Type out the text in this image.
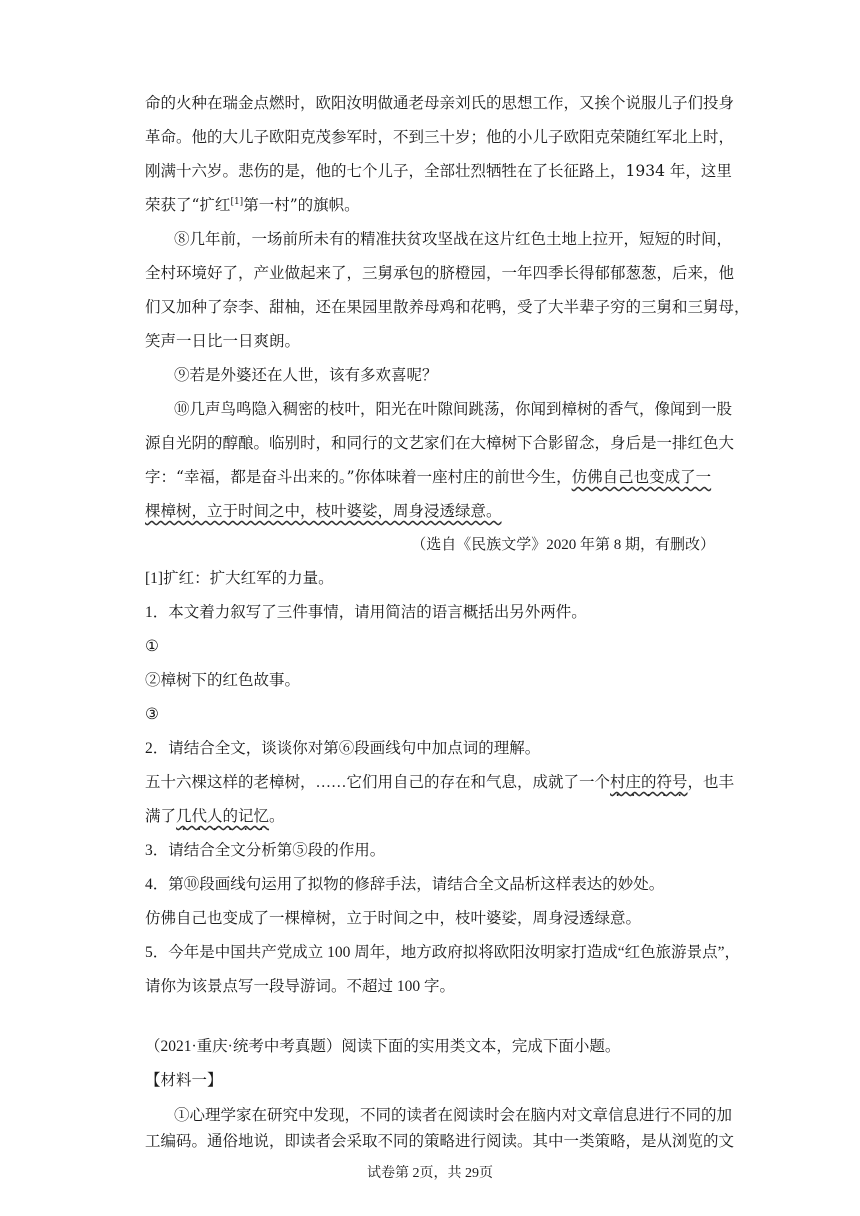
命的火种在瑞金点燃时，欧阳汝明做通老母亲刘氏的思想工作，又挨个说服儿子们投身

革命。他的大儿子欧阳克茂参军时，不到三十岁；他的小儿子欧阳克荣随红军北上时，

刚满十六岁。悲伤的是，他的七个儿子，全部壮烈牺牲在了长征路上，1934 年，这里

荣获了“扩红[1]第一村”的旗帜。

⑧几年前，一场前所未有的精准扶贫攻坚战在这片红色土地上拉开，短短的时间，

全村环境好了，产业做起来了，三舅承包的脐橙园，一年四季长得郁郁葱葱，后来，他

们又加种了奈李、甜柚，还在果园里散养母鸡和花鸭，受了大半辈子穷的三舅和三舅母，

笑声一日比一日爽朗。

⑨若是外婆还在人世，该有多欢喜呢？

⑩几声鸟鸣隐入稠密的枝叶，阳光在叶隙间跳荡，你闻到樟树的香气，像闻到一股

源自光阴的醇酿。临别时，和同行的文艺家们在大樟树下合影留念，身后是一排红色大

字：“幸福，都是奋斗出来的。”你体味着一座村庄的前世今生，仿佛自己也变成了一

棵樟树，立于时间之中，枝叶婆娑，周身浸透绿意。

（选自《民族文学》2020 年第 8 期，有删改）

[1]扩红：扩大红军的力量。

1．本文着力叙写了三件事情，请用简洁的语言概括出另外两件。

①

②樟树下的红色故事。

③

2．请结合全文，谈谈你对第⑥段画线句中加点词的理解。

五十六棵这样的老樟树，……它们用自己的存在和气息，成就了一个村庄的符号，也丰

满了几代人的记忆。

3．请结合全文分析第⑤段的作用。

4．第⑩段画线句运用了拟物的修辞手法，请结合全文品析这样表达的妙处。

仿佛自己也变成了一棵樟树，立于时间之中，枝叶婆娑，周身浸透绿意。

5．今年是中国共产党成立 100 周年，地方政府拟将欧阳汝明家打造成“红色旅游景点”，

请你为该景点写一段导游词。不超过 100 字。

（2021·重庆·统考中考真题）阅读下面的实用类文本，完成下面小题。

【材料一】

①心理学家在研究中发现，不同的读者在阅读时会在脑内对文章信息进行不同的加

工编码。通俗地说，即读者会采取不同的策略进行阅读。其中一类策略，是从浏览的文

试卷第 2页，共 29页
